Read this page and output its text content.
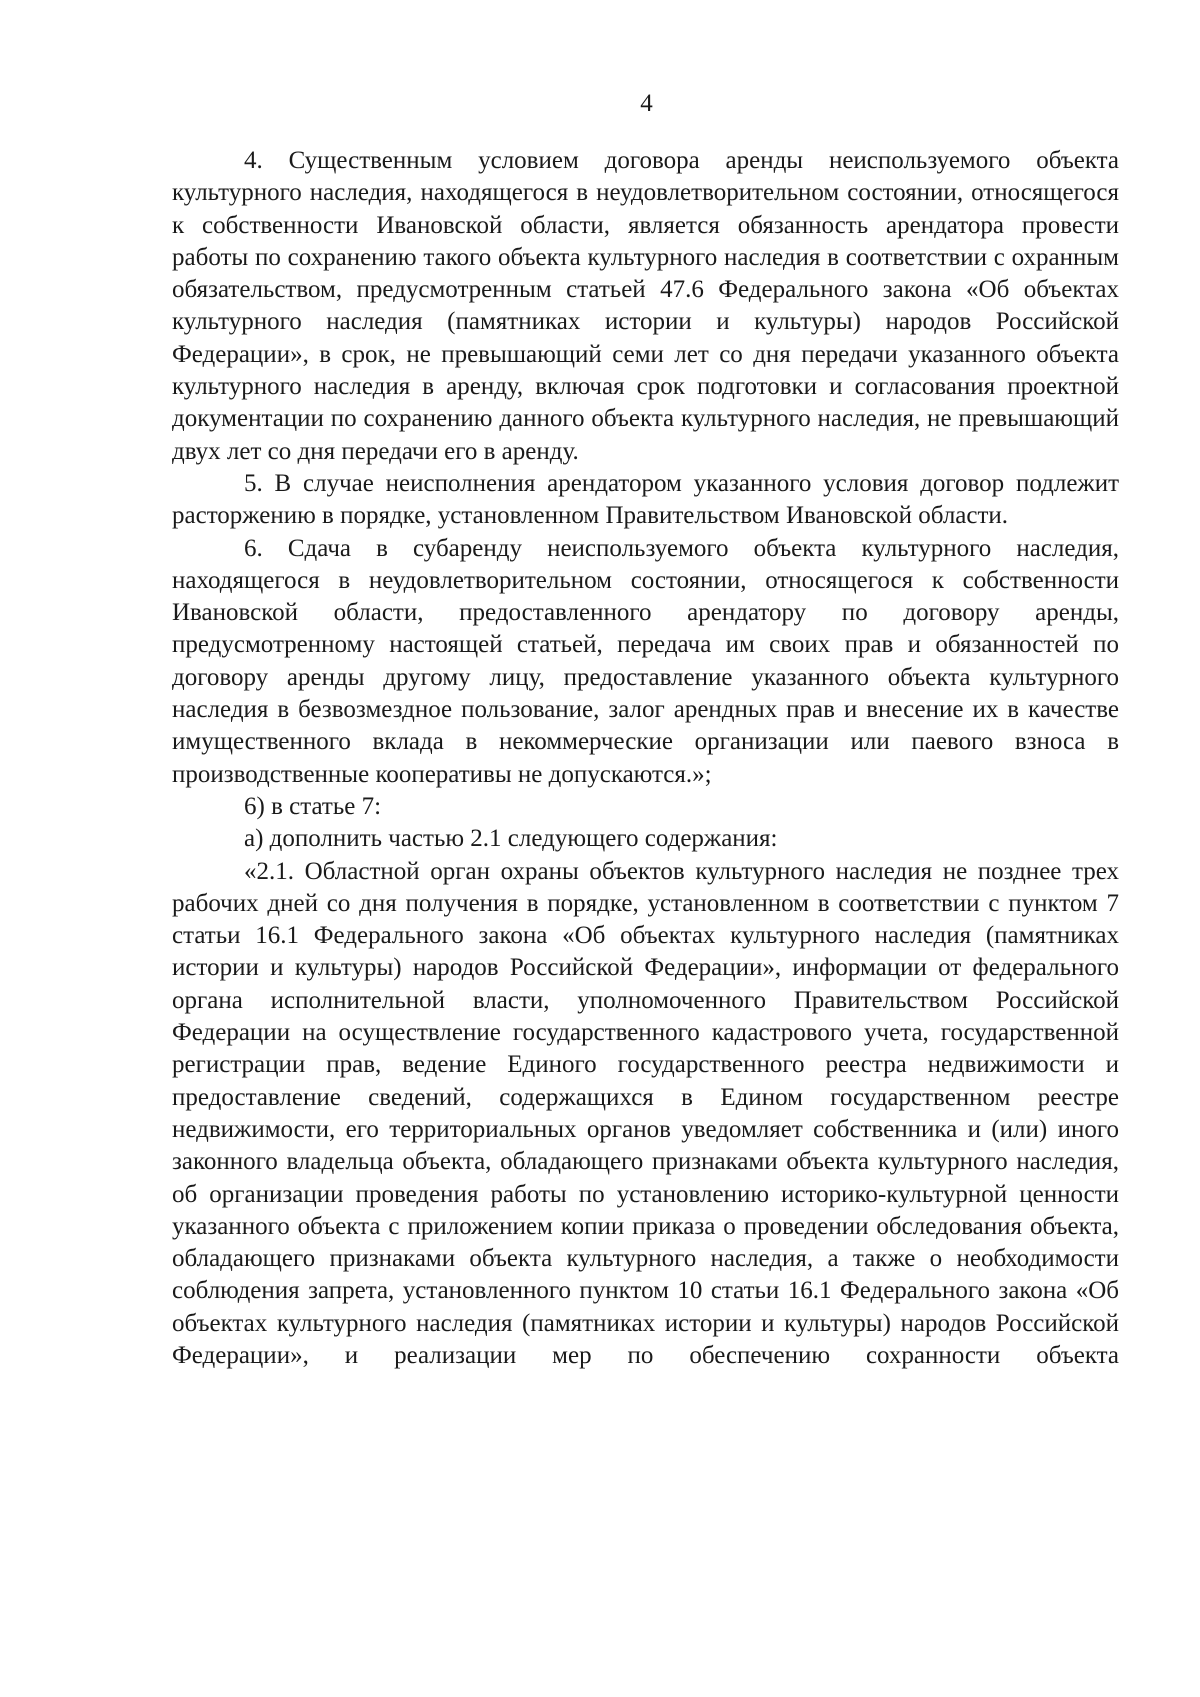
4

4. Существенным условием договора аренды неиспользуемого объекта культурного наследия, находящегося в неудовлетворительном состоянии, относящегося к собственности Ивановской области, является обязанность арендатора провести работы по сохранению такого объекта культурного наследия в соответствии с охранным обязательством, предусмотренным статьей 47.6 Федерального закона «Об объектах культурного наследия (памятниках истории и культуры) народов Российской Федерации», в срок, не превышающий семи лет со дня передачи указанного объекта культурного наследия в аренду, включая срок подготовки и согласования проектной документации по сохранению данного объекта культурного наследия, не превышающий двух лет со дня передачи его в аренду.

5. В случае неисполнения арендатором указанного условия договор подлежит расторжению в порядке, установленном Правительством Ивановской области.

6. Сдача в субаренду неиспользуемого объекта культурного наследия, находящегося в неудовлетворительном состоянии, относящегося к собственности Ивановской области, предоставленного арендатору по договору аренды, предусмотренному настоящей статьей, передача им своих прав и обязанностей по договору аренды другому лицу, предоставление указанного объекта культурного наследия в безвозмездное пользование, залог арендных прав и внесение их в качестве имущественного вклада в некоммерческие организации или паевого взноса в производственные кооперативы не допускаются.»;

6) в статье 7:

а) дополнить частью 2.1 следующего содержания:

«2.1. Областной орган охраны объектов культурного наследия не позднее трех рабочих дней со дня получения в порядке, установленном в соответствии с пунктом 7 статьи 16.1 Федерального закона «Об объектах культурного наследия (памятниках истории и культуры) народов Российской Федерации», информации от федерального органа исполнительной власти, уполномоченного Правительством Российской Федерации на осуществление государственного кадастрового учета, государственной регистрации прав, ведение Единого государственного реестра недвижимости и предоставление сведений, содержащихся в Едином государственном реестре недвижимости, его территориальных органов уведомляет собственника и (или) иного законного владельца объекта, обладающего признаками объекта культурного наследия, об организации проведения работы по установлению историко-культурной ценности указанного объекта с приложением копии приказа о проведении обследования объекта, обладающего признаками объекта культурного наследия, а также о необходимости соблюдения запрета, установленного пунктом 10 статьи 16.1 Федерального закона «Об объектах культурного наследия (памятниках истории и культуры) народов Российской Федерации», и реализации мер по обеспечению сохранности объекта
